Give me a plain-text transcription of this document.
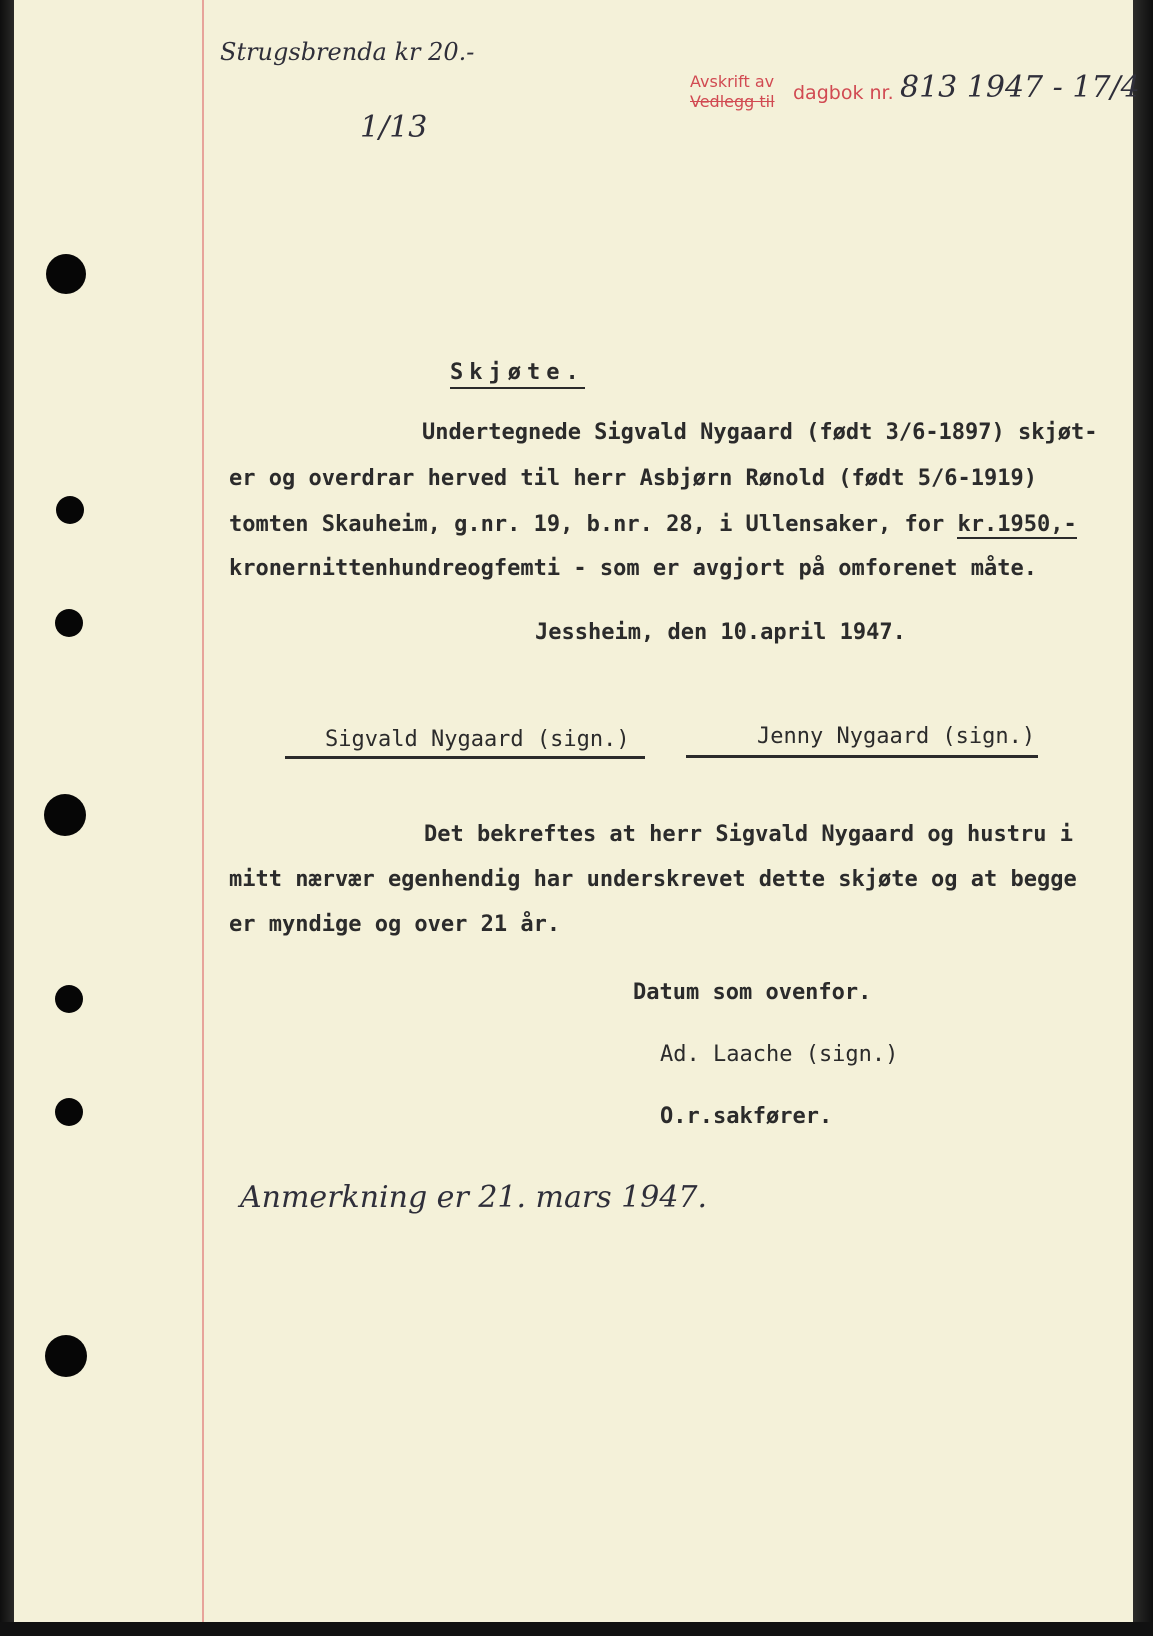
Strugsbrenda kr 20.-
1/13
Avskrift av
Vedlegg til dagbok nr. 813 1947 - 17/4
Skjøte.
Undertegnede Sigvald Nygaard (født 3/6-1897) skjøt-
er og overdrar herved til herr Asbjørn Rønold (født 5/6-1919)
tomten Skauheim, g.nr. 19, b.nr. 28, i Ullensaker, for kr.1950,-
kronernittenhundreogfemti - som er avgjort på omforenet måte.
Jessheim, den 10.april 1947.
Sigvald Nygaard (sign.)	Jenny Nygaard (sign.)
Det bekreftes at herr Sigvald Nygaard og hustru i
mitt nærvær egenhendig har underskrevet dette skjøte og at begge
er myndige og over 21 år.
Datum som ovenfor.
Ad. Laache (sign.)
O.r.sakfører.
Anmerkning er 21. mars 1947.
